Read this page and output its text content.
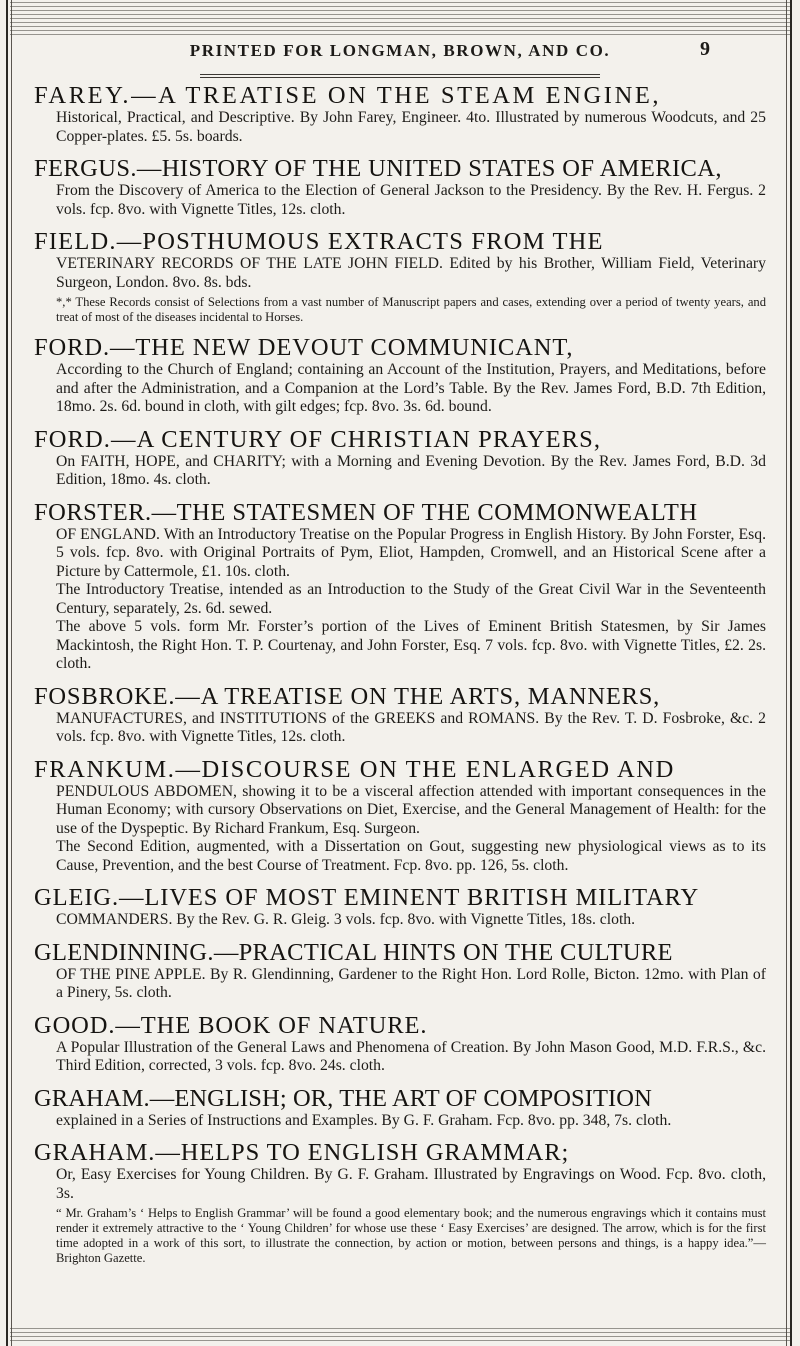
PRINTED FOR LONGMAN, BROWN, AND CO.	9
FAREY.—A TREATISE ON THE STEAM ENGINE,

Historical, Practical, and Descriptive. By John Farey, Engineer. 4to. Illustrated by numerous Woodcuts, and 25 Copper-plates. £5. 5s. boards.

FERGUS.—HISTORY OF THE UNITED STATES OF AMERICA,

From the Discovery of America to the Election of General Jackson to the Presidency. By the Rev. H. Fergus. 2 vols. fcp. 8vo. with Vignette Titles, 12s. cloth.

FIELD.—POSTHUMOUS EXTRACTS FROM THE

VETERINARY RECORDS OF THE LATE JOHN FIELD. Edited by his Brother, William Field, Veterinary Surgeon, London. 8vo. 8s. bds.

*,* These Records consist of Selections from a vast number of Manuscript papers and cases, extending over a period of twenty years, and treat of most of the diseases incidental to Horses.
FORD.—THE NEW DEVOUT COMMUNICANT,

According to the Church of England; containing an Account of the Institution, Prayers, and Meditations, before and after the Administration, and a Companion at the Lord’s Table. By the Rev. James Ford, B.D. 7th Edition, 18mo. 2s. 6d. bound in cloth, with gilt edges; fcp. 8vo. 3s. 6d. bound.

FORD.—A CENTURY OF CHRISTIAN PRAYERS,

On FAITH, HOPE, and CHARITY; with a Morning and Evening Devotion. By the Rev. James Ford, B.D. 3d Edition, 18mo. 4s. cloth.

FORSTER.—THE STATESMEN OF THE COMMONWEALTH

OF ENGLAND. With an Introductory Treatise on the Popular Progress in English History. By John Forster, Esq. 5 vols. fcp. 8vo. with Original Portraits of Pym, Eliot, Hampden, Cromwell, and an Historical Scene after a Picture by Cattermole, £1. 10s. cloth.

The Introductory Treatise, intended as an Introduction to the Study of the Great Civil War in the Seventeenth Century, separately, 2s. 6d. sewed.

The above 5 vols. form Mr. Forster’s portion of the Lives of Eminent British Statesmen, by Sir James Mackintosh, the Right Hon. T. P. Courtenay, and John Forster, Esq. 7 vols. fcp. 8vo. with Vignette Titles, £2. 2s. cloth.

FOSBROKE.—A TREATISE ON THE ARTS, MANNERS,

MANUFACTURES, and INSTITUTIONS of the GREEKS and ROMANS. By the Rev. T. D. Fosbroke, &c. 2 vols. fcp. 8vo. with Vignette Titles, 12s. cloth.

FRANKUM.—DISCOURSE ON THE ENLARGED AND

PENDULOUS ABDOMEN, showing it to be a visceral affection attended with important consequences in the Human Economy; with cursory Observations on Diet, Exercise, and the General Management of Health: for the use of the Dyspeptic. By Richard Frankum, Esq. Surgeon.

The Second Edition, augmented, with a Dissertation on Gout, suggesting new physiological views as to its Cause, Prevention, and the best Course of Treatment. Fcp. 8vo. pp. 126, 5s. cloth.

GLEIG.—LIVES OF MOST EMINENT BRITISH MILITARY

COMMANDERS. By the Rev. G. R. Gleig. 3 vols. fcp. 8vo. with Vignette Titles, 18s. cloth.

GLENDINNING.—PRACTICAL HINTS ON THE CULTURE

OF THE PINE APPLE. By R. Glendinning, Gardener to the Right Hon. Lord Rolle, Bicton. 12mo. with Plan of a Pinery, 5s. cloth.

GOOD.—THE BOOK OF NATURE.

A Popular Illustration of the General Laws and Phenomena of Creation. By John Mason Good, M.D. F.R.S., &c. Third Edition, corrected, 3 vols. fcp. 8vo. 24s. cloth.

GRAHAM.—ENGLISH; OR, THE ART OF COMPOSITION

explained in a Series of Instructions and Examples. By G. F. Graham. Fcp. 8vo. pp. 348, 7s. cloth.

GRAHAM.—HELPS TO ENGLISH GRAMMAR;

Or, Easy Exercises for Young Children. By G. F. Graham. Illustrated by Engravings on Wood. Fcp. 8vo. cloth, 3s.

“ Mr. Graham’s ‘ Helps to English Grammar’ will be found a good elementary book; and the numerous engravings which it contains must render it extremely attractive to the ‘ Young Children’ for whose use these ‘ Easy Exercises’ are designed. The arrow, which is for the first time adopted in a work of this sort, to illustrate the connection, by action or motion, between persons and things, is a happy idea.”—Brighton Gazette.
